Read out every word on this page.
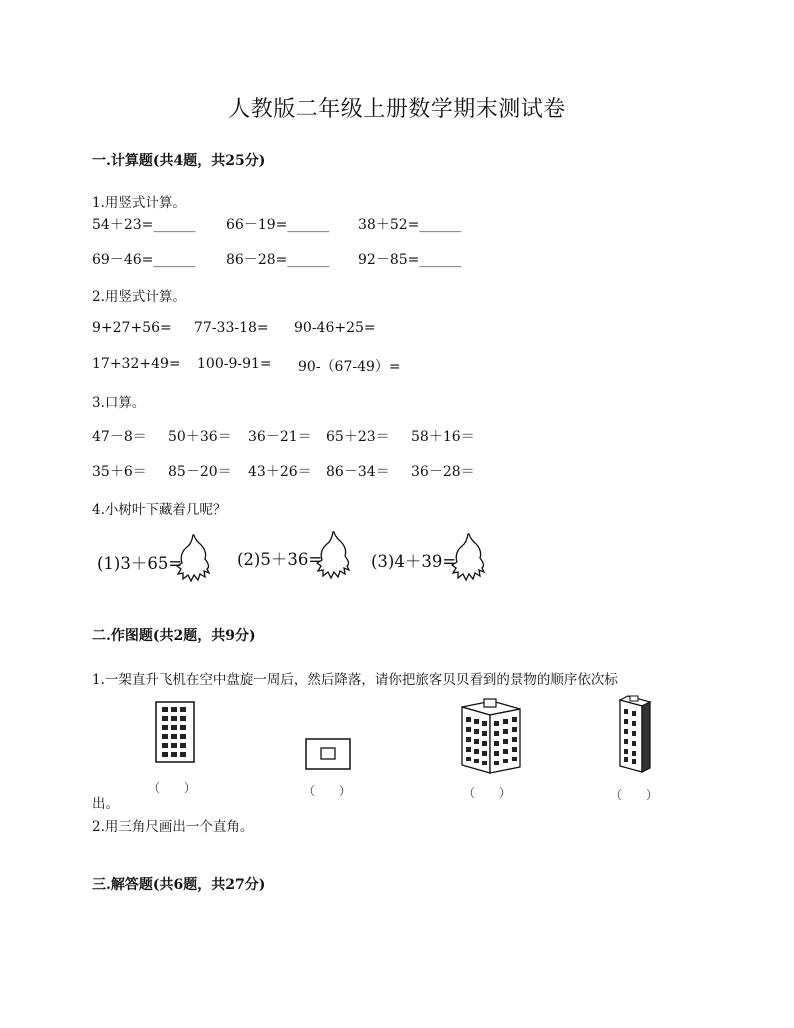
人教版二年级上册数学期末测试卷
一.计算题(共4题，共25分)
1.用竖式计算。
54＋23=______ 66－19=______ 38＋52=______
69－46=______ 86－28=______ 92－85=______
2.用竖式计算。
9+27+56= 77-33-18= 90-46+25=
17+32+49= 100-9-91= 90-（67-49）=
3.口算。
47－8＝ 50＋36＝ 36－21＝ 65＋23＝ 58＋16＝
35＋6＝ 85－20＝ 43＋26＝ 86－34＝ 36－28＝
4.小树叶下藏着几呢？
(1)3＋65=	(2)5＋36=	(3)4＋39=
二.作图题(共2题，共9分)
1.一架直升飞机在空中盘旋一周后，然后降落，请你把旅客贝贝看到的景物的顺序依次标
（　　）	（　　）	（　　）	（　　）
出。
2.用三角尺画出一个直角。
三.解答题(共6题，共27分)
